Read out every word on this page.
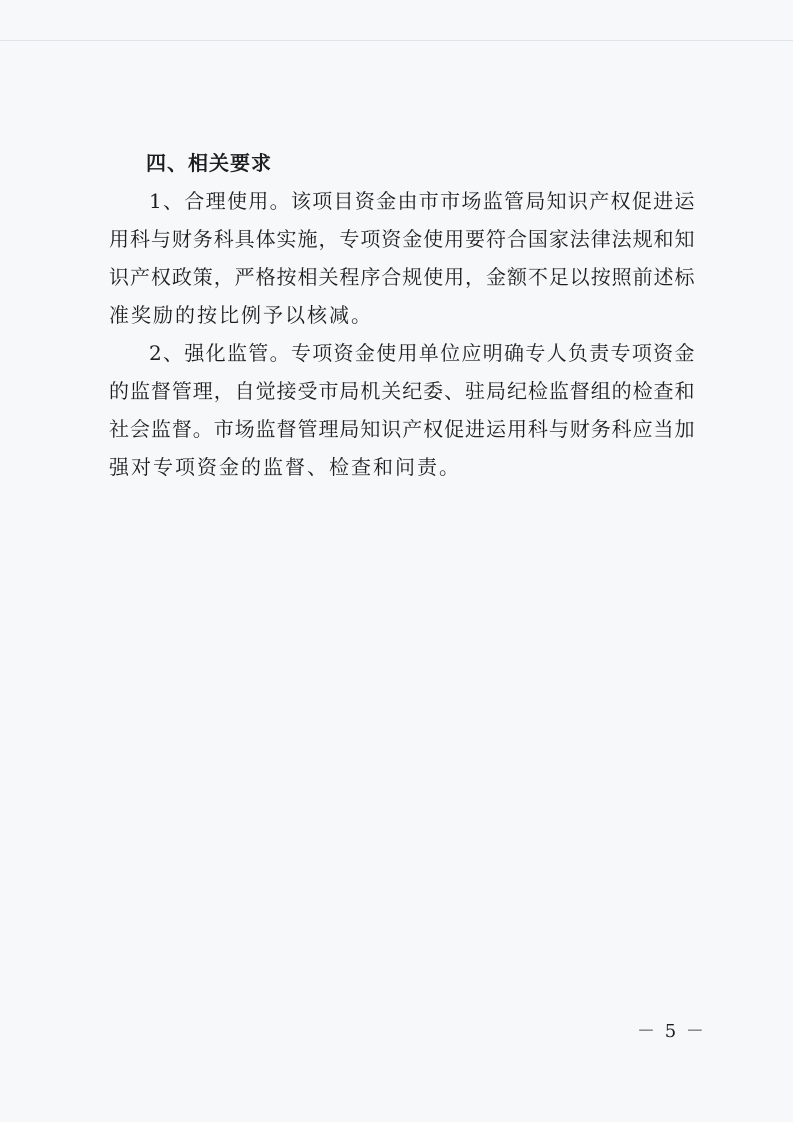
四、相关要求

1、合理使用。该项目资金由市市场监管局知识产权促进运
用科与财务科具体实施，专项资金使用要符合国家法律法规和知
识产权政策，严格按相关程序合规使用，金额不足以按照前述标
准奖励的按比例予以核减。

2、强化监管。专项资金使用单位应明确专人负责专项资金
的监督管理，自觉接受市局机关纪委、驻局纪检监督组的检查和
社会监督。市场监督管理局知识产权促进运用科与财务科应当加
强对专项资金的监督、检查和问责。

－ 5 －
